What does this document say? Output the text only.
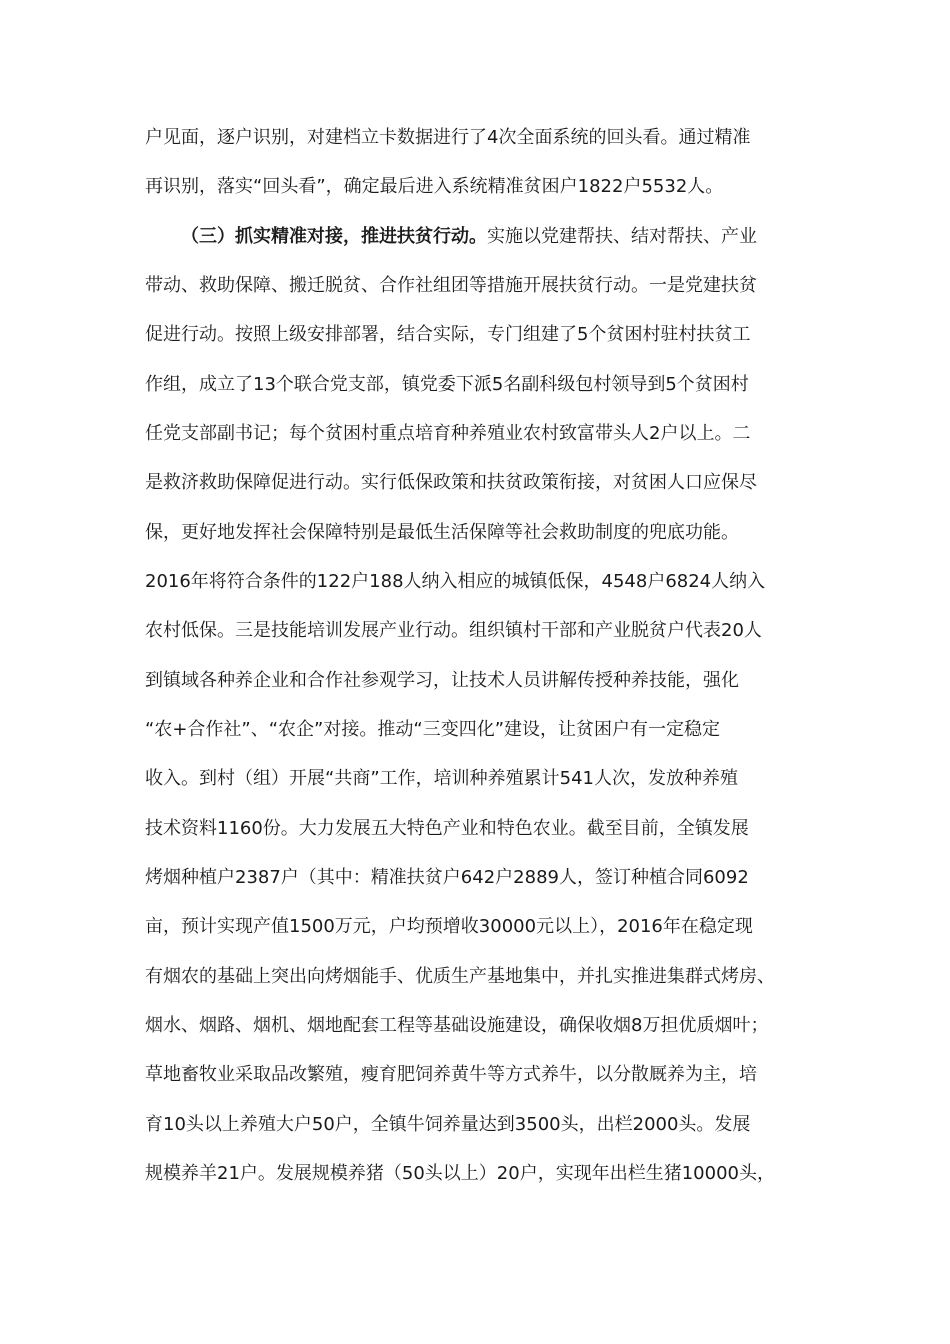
户见面，逐户识别，对建档立卡数据进行了4次全面系统的回头看。通过精准
再识别，落实“回头看”，确定最后进入系统精准贫困户1822户5532人。
（三）抓实精准对接，推进扶贫行动。实施以党建帮扶、结对帮扶、产业
带动、救助保障、搬迁脱贫、合作社组团等措施开展扶贫行动。一是党建扶贫
促进行动。按照上级安排部署，结合实际，专门组建了5个贫困村驻村扶贫工
作组，成立了13个联合党支部，镇党委下派5名副科级包村领导到5个贫困村
任党支部副书记；每个贫困村重点培育种养殖业农村致富带头人2户以上。二
是救济救助保障促进行动。实行低保政策和扶贫政策衔接，对贫困人口应保尽
保，更好地发挥社会保障特别是最低生活保障等社会救助制度的兜底功能。
2016年将符合条件的122户188人纳入相应的城镇低保，4548户6824人纳入
农村低保。三是技能培训发展产业行动。组织镇村干部和产业脱贫户代表20人
到镇域各种养企业和合作社参观学习，让技术人员讲解传授种养技能，强化
“农+合作社”、“农企”对接。推动“三变四化”建设，让贫困户有一定稳定
收入。到村（组）开展“共商”工作，培训种养殖累计541人次，发放种养殖
技术资料1160份。大力发展五大特色产业和特色农业。截至目前，全镇发展
烤烟种植户2387户（其中：精准扶贫户642户2889人，签订种植合同6092
亩，预计实现产值1500万元，户均预增收30000元以上），2016年在稳定现
有烟农的基础上突出向烤烟能手、优质生产基地集中，并扎实推进集群式烤房、
烟水、烟路、烟机、烟地配套工程等基础设施建设，确保收烟8万担优质烟叶；
草地畜牧业采取品改繁殖，瘦育肥饲养黄牛等方式养牛，以分散厩养为主，培
育10头以上养殖大户50户，全镇牛饲养量达到3500头，出栏2000头。发展
规模养羊21户。发展规模养猪（50头以上）20户，实现年出栏生猪10000头，
